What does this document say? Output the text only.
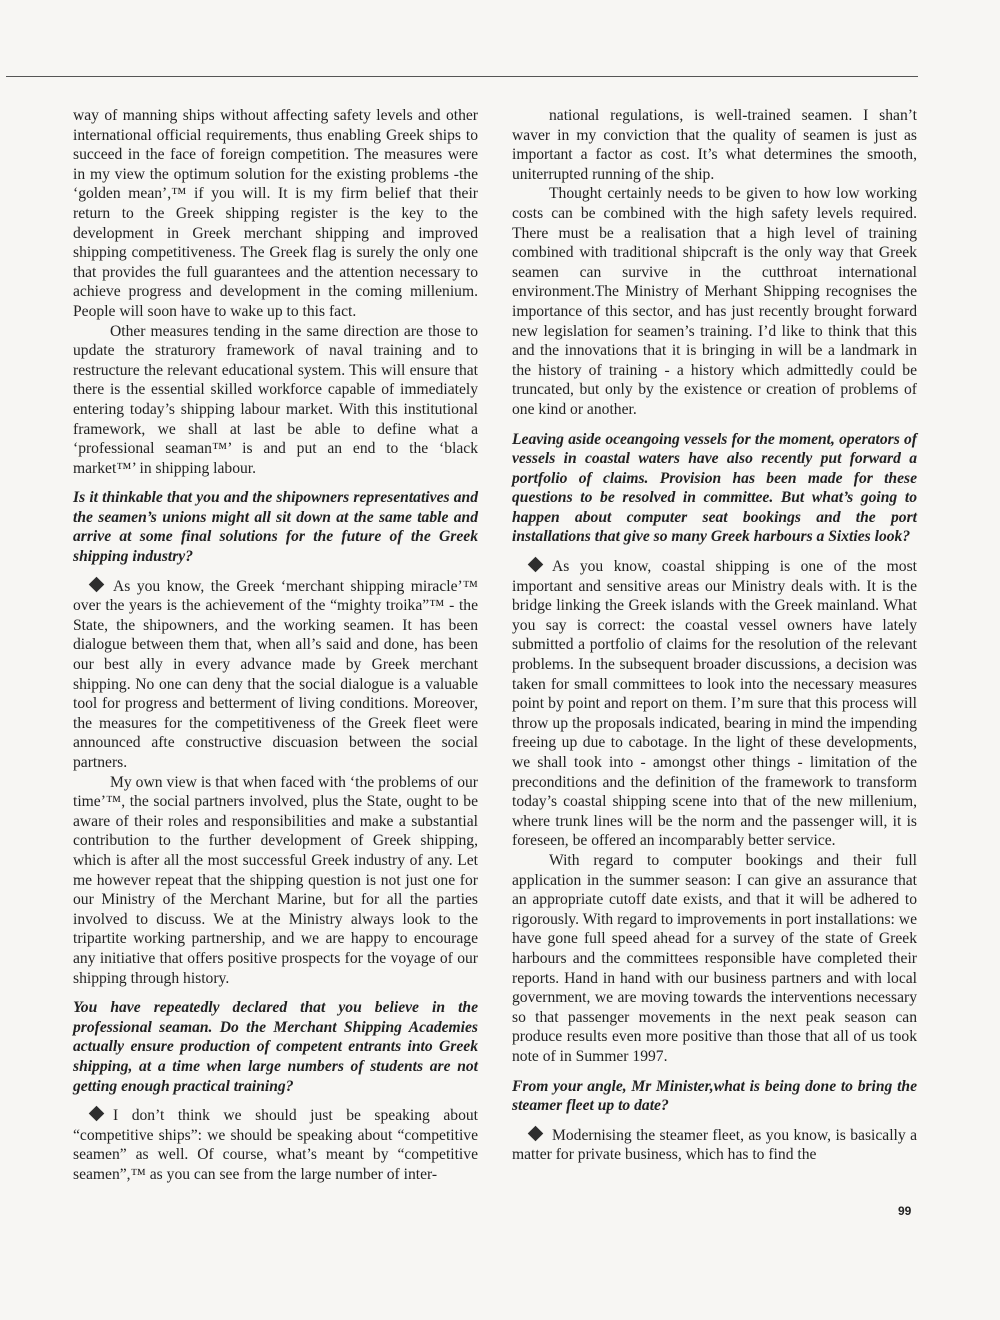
way of manning ships without affecting safety levels and other international official requirements, thus enabling Greek ships to succeed in the face of foreign competition. The measures were in my view the optimum solution for the existing problems -the ‘golden mean’,™ if you will. It is my firm belief that their return to the Greek shipping register is the key to the development in Greek merchant shipping and improved shipping competitiveness. The Greek flag is surely the only one that provides the full guarantees and the attention necessary to achieve progress and development in the coming millenium. People will soon have to wake up to this fact.

Other measures tending in the same direction are those to update the straturory framework of naval training and to restructure the relevant educational system. This will ensure that there is the essential skilled workforce capable of immediately entering today’s shipping labour market. With this institutional framework, we shall at last be able to define what a ‘professional seaman™’ is and put an end to the ‘black market™’ in shipping labour.

Is it thinkable that you and the shipowners representatives and the seamen’s unions might all sit down at the same table and arrive at some final solutions for the future of the Greek shipping industry?

As you know, the Greek ‘merchant shipping miracle’™ over the years is the achievement of the “mighty troika”™ - the State, the shipowners, and the working seamen. It has been dialogue between them that, when all’s said and done, has been our best ally in every advance made by Greek merchant shipping. No one can deny that the social dialogue is a valuable tool for progress and betterment of living conditions. Moreover, the measures for the competitiveness of the Greek fleet were announced afte constructive discuasion between the social partners.

My own view is that when faced with ‘the problems of our time’™, the social partners involved, plus the State, ought to be aware of their roles and responsibilities and make a substantial contribution to the further development of Greek shipping, which is after all the most successful Greek industry of any. Let me however repeat that the shipping question is not just one for our Ministry of the Merchant Marine, but for all the parties involved to discuss. We at the Ministry always look to the tripartite working partnership, and we are happy to encourage any initiative that offers positive prospects for the voyage of our shipping through history.

You have repeatedly declared that you believe in the professional seaman. Do the Merchant Shipping Academies actually ensure production of competent entrants into Greek shipping, at a time when large numbers of students are not getting enough practical training?

I don’t think we should just be speaking about “competitive ships”: we should be speaking about “competitive seamen” as well. Of course, what’s meant by “competitive seamen”,™ as you can see from the large number of inter-

national regulations, is well-trained seamen. I shan’t waver in my conviction that the quality of seamen is just as important a factor as cost. It’s what determines the smooth, uniterrupted running of the ship.

Thought certainly needs to be given to how low working costs can be combined with the high safety levels required. There must be a realisation that a high level of training combined with traditional shipcraft is the only way that Greek seamen can survive in the cutthroat international environment.The Ministry of Merhant Shipping recognises the importance of this sector, and has just recently brought forward new legislation for seamen’s training. I’d like to think that this and the innovations that it is bringing in will be a landmark in the history of training - a history which admittedly could be truncated, but only by the existence or creation of problems of one kind or another.

Leaving aside oceangoing vessels for the moment, operators of vessels in coastal waters have also recently put forward a portfolio of claims. Provision has been made for these questions to be resolved in committee. But what’s going to happen about computer seat bookings and the port installations that give so many Greek harbours a Sixties look?

As you know, coastal shipping is one of the most important and sensitive areas our Ministry deals with. It is the bridge linking the Greek islands with the Greek mainland. What you say is correct: the coastal vessel owners have lately submitted a portfolio of claims for the resolution of the relevant problems. In the subsequent broader discussions, a decision was taken for small committees to look into the necessary measures point by point and report on them. I’m sure that this process will throw up the proposals indicated, bearing in mind the impending freeing up due to cabotage. In the light of these developments, we shall took into - amongst other things - limitation of the preconditions and the definition of the framework to transform today’s coastal shipping scene into that of the new millenium, where trunk lines will be the norm and the passenger will, it is foreseen, be offered an incomparably better service.

With regard to computer bookings and their full application in the summer season: I can give an assurance that an appropriate cutoff date exists, and that it will be adhered to rigorously. With regard to improvements in port installations: we have gone full speed ahead for a survey of the state of Greek harbours and the committees responsible have completed their reports. Hand in hand with our business partners and with local government, we are moving towards the interventions necessary so that passenger movements in the next peak season can produce results even more positive than those that all of us took note of in Summer 1997.

From your angle, Mr Minister,what is being done to bring the steamer fleet up to date?

Modernising the steamer fleet, as you know, is basically a matter for private business, which has to find the

99
